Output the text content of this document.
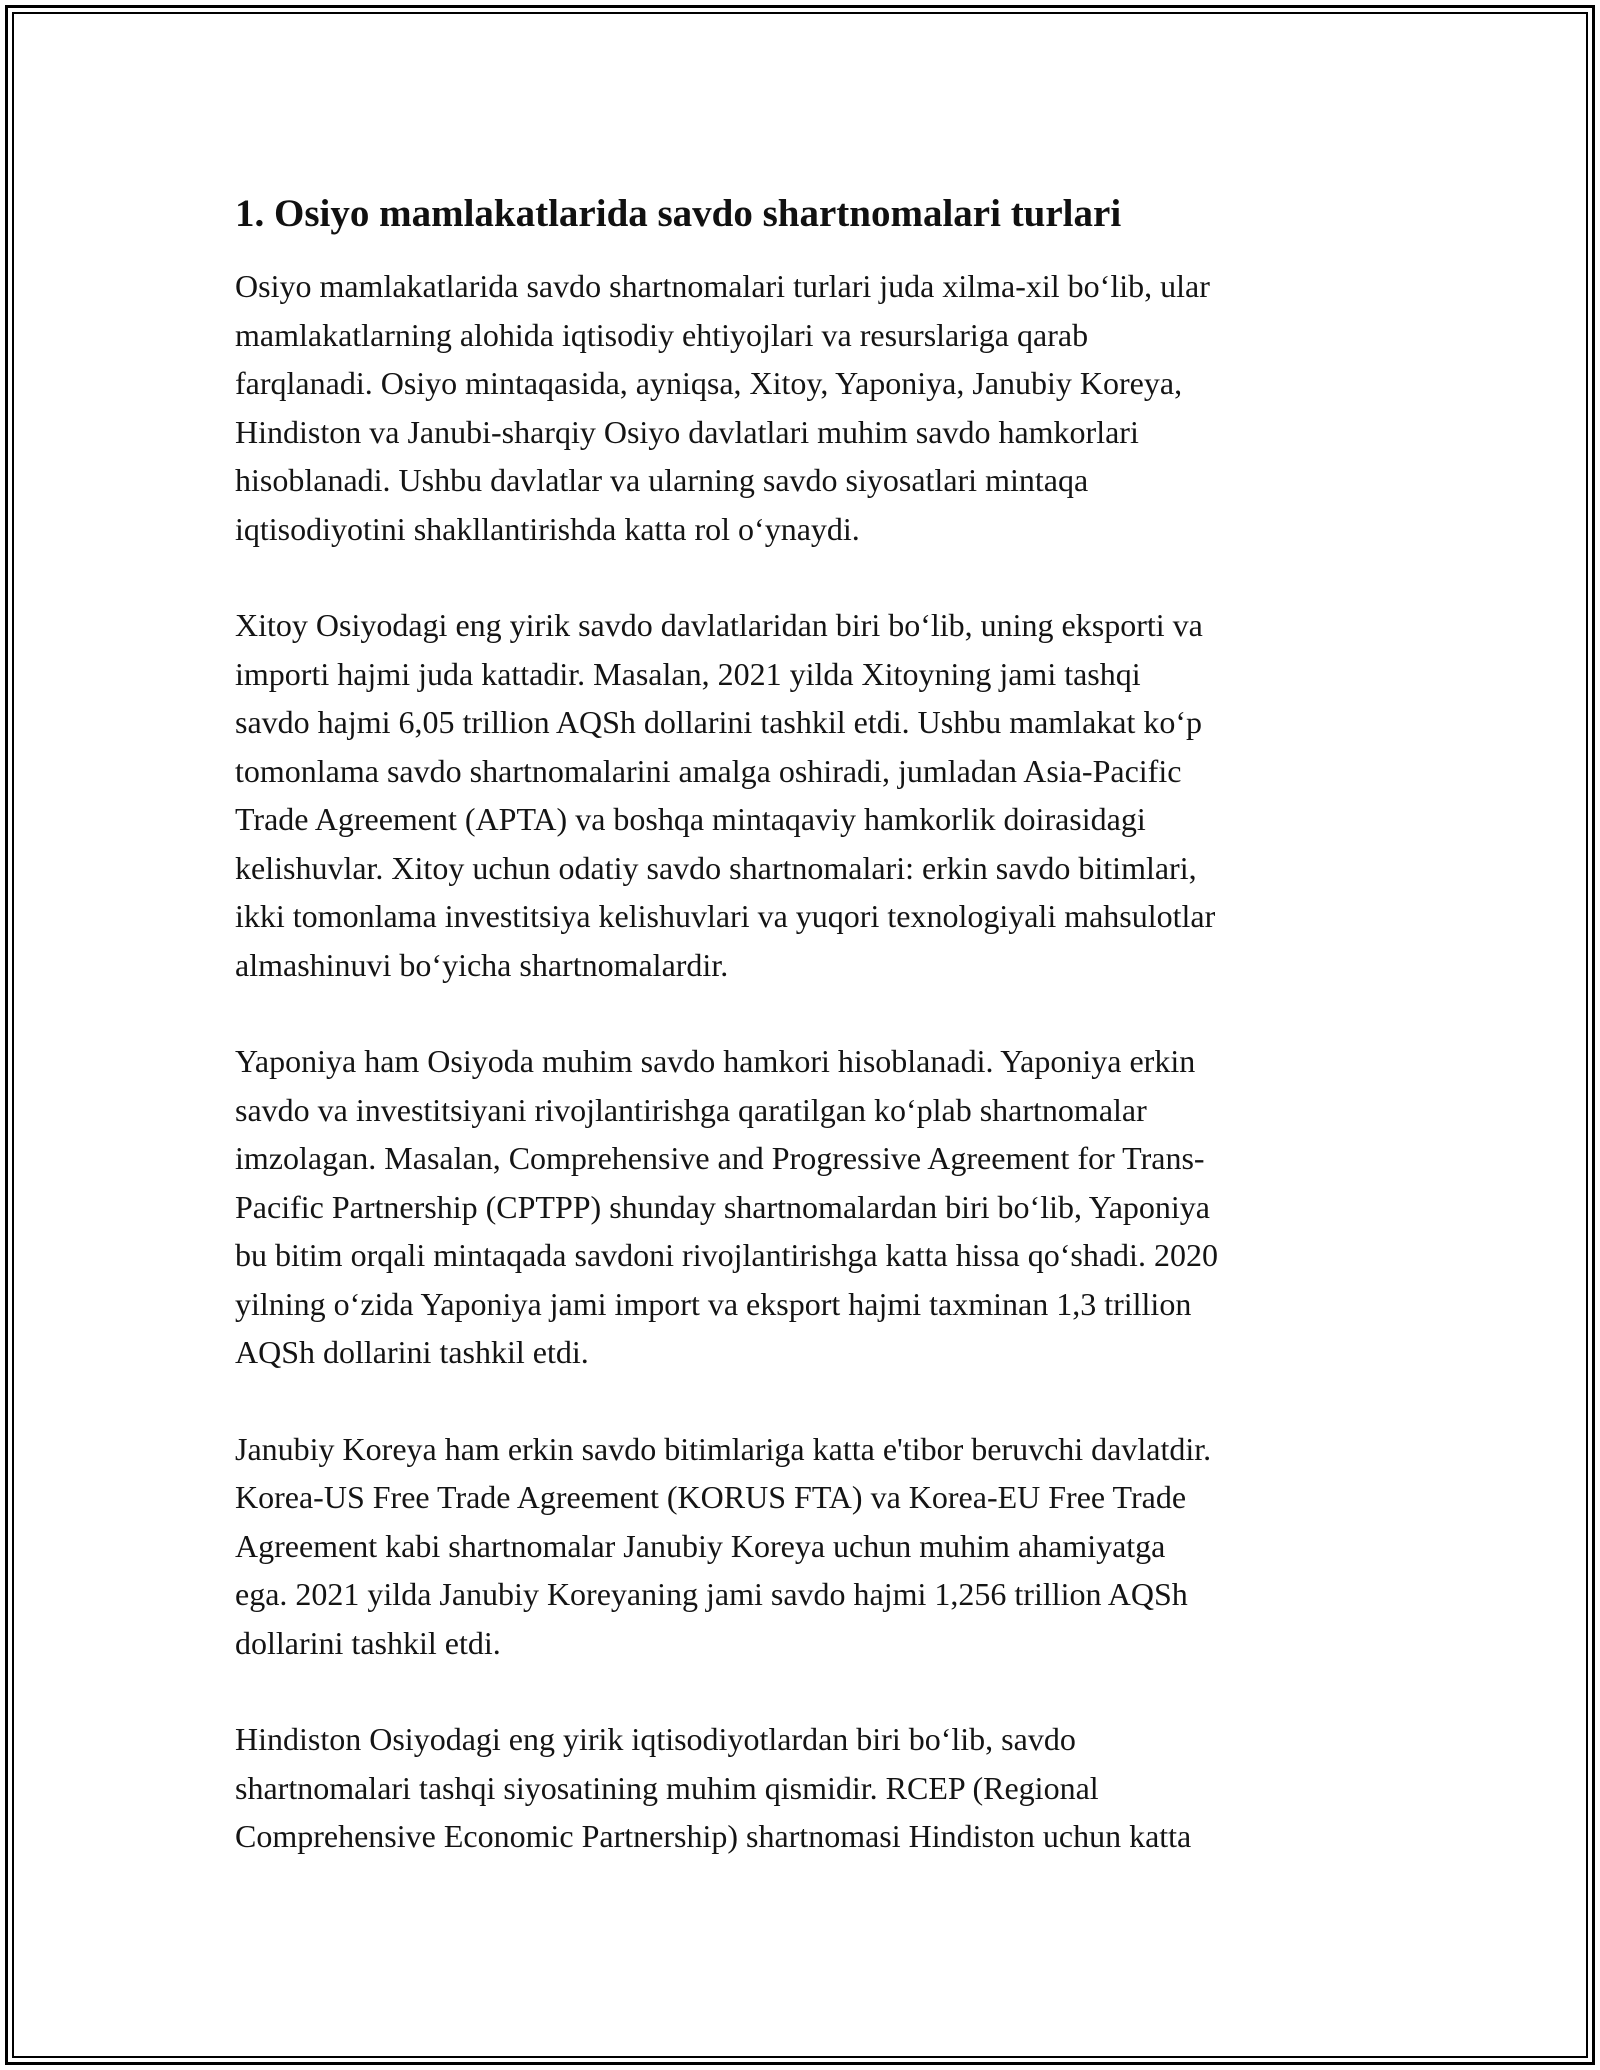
1. Osiyo mamlakatlarida savdo shartnomalari turlari

Osiyo mamlakatlarida savdo shartnomalari turlari juda xilma-xil bo‘lib, ular
mamlakatlarning alohida iqtisodiy ehtiyojlari va resurslariga qarab
farqlanadi. Osiyo mintaqasida, ayniqsa, Xitoy, Yaponiya, Janubiy Koreya,
Hindiston va Janubi-sharqiy Osiyo davlatlari muhim savdo hamkorlari
hisoblanadi. Ushbu davlatlar va ularning savdo siyosatlari mintaqa
iqtisodiyotini shakllantirishda katta rol o‘ynaydi.

Xitoy Osiyodagi eng yirik savdo davlatlaridan biri bo‘lib, uning eksporti va
importi hajmi juda kattadir. Masalan, 2021 yilda Xitoyning jami tashqi
savdo hajmi 6,05 trillion AQSh dollarini tashkil etdi. Ushbu mamlakat ko‘p
tomonlama savdo shartnomalarini amalga oshiradi, jumladan Asia-Pacific
Trade Agreement (APTA) va boshqa mintaqaviy hamkorlik doirasidagi
kelishuvlar. Xitoy uchun odatiy savdo shartnomalari: erkin savdo bitimlari,
ikki tomonlama investitsiya kelishuvlari va yuqori texnologiyali mahsulotlar
almashinuvi bo‘yicha shartnomalardir.

Yaponiya ham Osiyoda muhim savdo hamkori hisoblanadi. Yaponiya erkin
savdo va investitsiyani rivojlantirishga qaratilgan ko‘plab shartnomalar
imzolagan. Masalan, Comprehensive and Progressive Agreement for Trans-
Pacific Partnership (CPTPP) shunday shartnomalardan biri bo‘lib, Yaponiya
bu bitim orqali mintaqada savdoni rivojlantirishga katta hissa qo‘shadi. 2020
yilning o‘zida Yaponiya jami import va eksport hajmi taxminan 1,3 trillion
AQSh dollarini tashkil etdi.

Janubiy Koreya ham erkin savdo bitimlariga katta e'tibor beruvchi davlatdir.
Korea-US Free Trade Agreement (KORUS FTA) va Korea-EU Free Trade
Agreement kabi shartnomalar Janubiy Koreya uchun muhim ahamiyatga
ega. 2021 yilda Janubiy Koreyaning jami savdo hajmi 1,256 trillion AQSh
dollarini tashkil etdi.

Hindiston Osiyodagi eng yirik iqtisodiyotlardan biri bo‘lib, savdo
shartnomalari tashqi siyosatining muhim qismidir. RCEP (Regional
Comprehensive Economic Partnership) shartnomasi Hindiston uchun katta
